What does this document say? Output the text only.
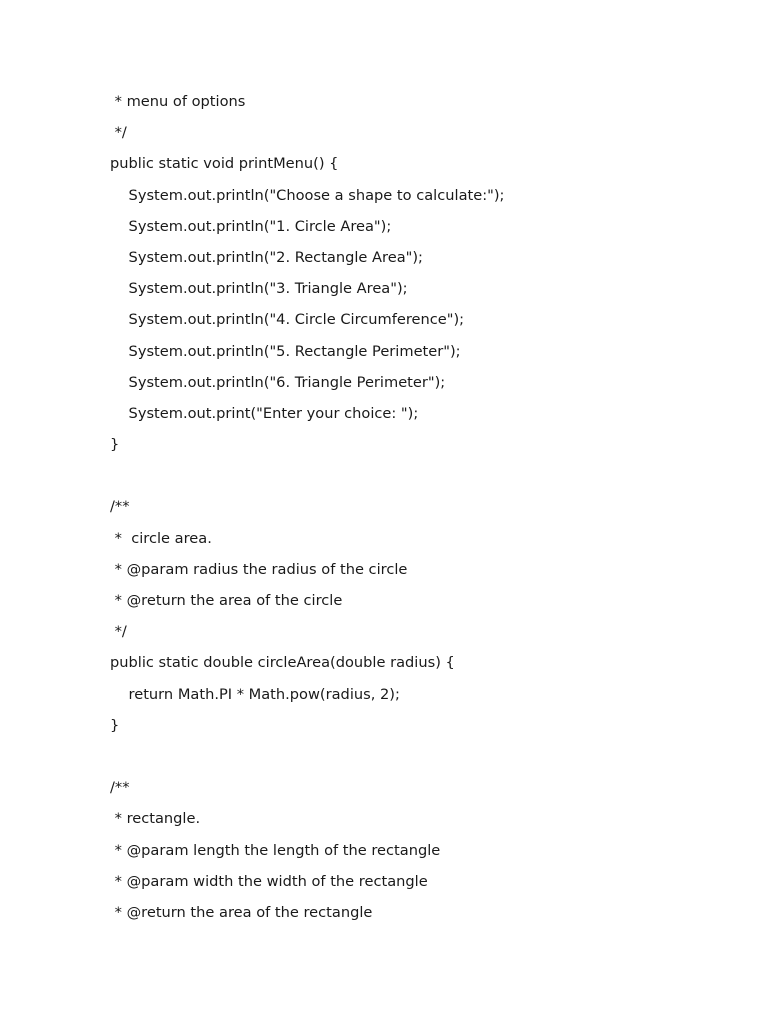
* menu of options
*/
public static void printMenu() {
System.out.println("Choose a shape to calculate:");
System.out.println("1. Circle Area");
System.out.println("2. Rectangle Area");
System.out.println("3. Triangle Area");
System.out.println("4. Circle Circumference");
System.out.println("5. Rectangle Perimeter");
System.out.println("6. Triangle Perimeter");
System.out.print("Enter your choice: ");
}
/**
*  circle area.
* @param radius the radius of the circle
* @return the area of the circle
*/
public static double circleArea(double radius) {
return Math.PI * Math.pow(radius, 2);
}
/**
* rectangle.
* @param length the length of the rectangle
* @param width the width of the rectangle
* @return the area of the rectangle
